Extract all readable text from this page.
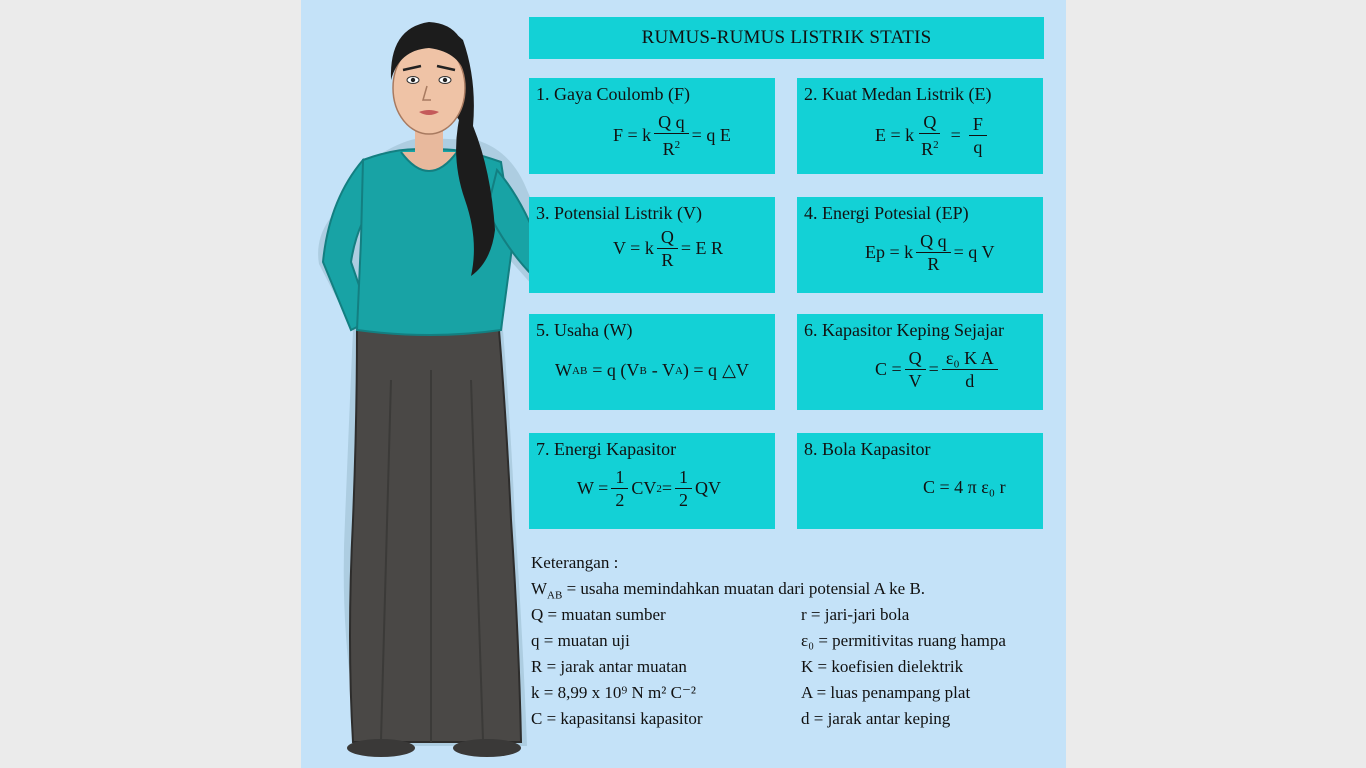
RUMUS-RUMUS LISTRIK STATIS
1. Gaya Coulomb (F)
F = k $\frac{\text{Q q}}{R^2} = q$ E
2. Kuat Medan Listrik (E)
E = k $\frac{Q}{R^2} = \frac{F}{q}$
3. Potensial Listrik (V)
V = k $\frac{Q}{R} = E$ R
4. Energi Potesial (EP)
Ep = k $\frac{\text{Q q}}{R} = q$ V
5. Usaha (W)
W AB = q (V B - V A ) = q △V
6. Kapasitor Keping Sejajar
$C = \frac{Q}{V} = \frac{\text{ε₀ K A}}{d}$
7. Energi Kapasitor
$W = \frac{1}{2}$ CV $2 = \frac{1}{2}$ QV
8. Bola Kapasitor
C = 4 π ε₀ r
Keterangan :
$W_{AB}$ = usaha memindahkan muatan dari potensial A ke B.
Q = muatan sumber
q = muatan uji
R = jarak antar muatan
k = 8,99 x 10⁹ N m² C⁻²
C = kapasitansi kapasitor
r = jari-jari bola
ε₀ = permitivitas ruang hampa
K = koefisien dielektrik
A = luas penampang plat
d = jarak antar keping
